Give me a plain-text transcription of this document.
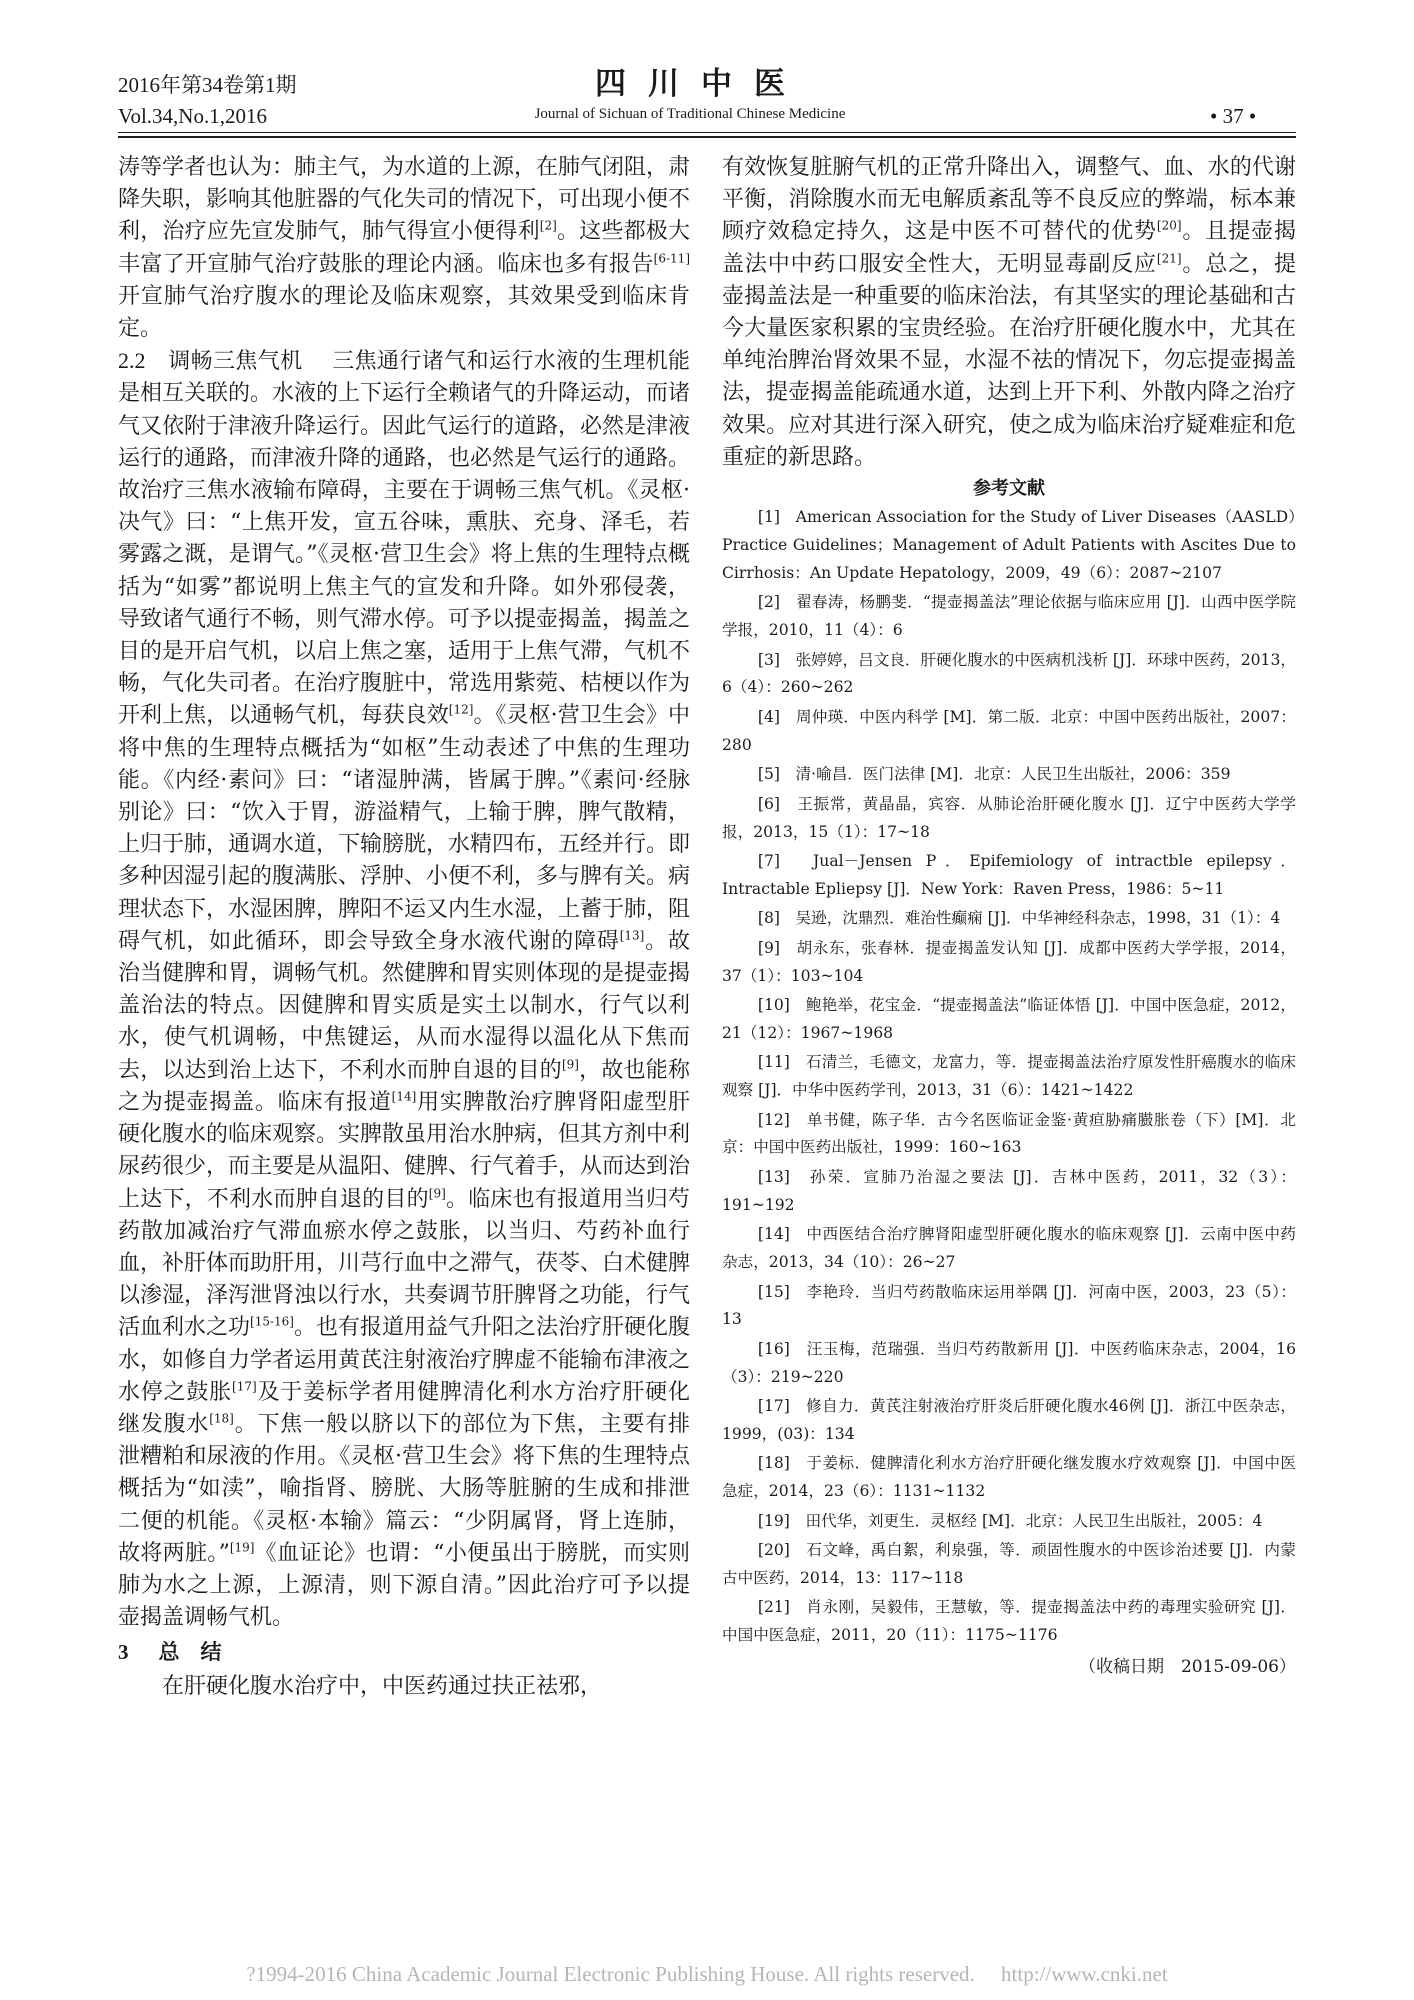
2016年第34卷第1期
Vol.34,No.1,2016
四川中医
Journal of Sichuan of Traditional Chinese Medicine	• 37 •

涛等学者也认为：肺主气，为水道的上源，在肺气闭阻，肃降失职，影响其他脏器的气化失司的情况下，可出现小便不利，治疗应先宣发肺气，肺气得宣小便得利[2]。这些都极大丰富了开宣肺气治疗鼓胀的理论内涵。临床也多有报告[6-11]开宣肺气治疗腹水的理论及临床观察，其效果受到临床肯定。

2.2　 调畅三焦气机　 三焦通行诸气和运行水液的生理机能是相互关联的。水液的上下运行全赖诸气的升降运动，而诸气又依附于津液升降运行。因此气运行的道路，必然是津液运行的通路，而津液升降的通路，也必然是气运行的通路。故治疗三焦水液输布障碍，主要在于调畅三焦气机。《灵枢·决气》曰：“上焦开发，宣五谷味，熏肤、充身、泽毛，若雾露之溉，是谓气。”《灵枢·营卫生会》将上焦的生理特点概括为“如雾”都说明上焦主气的宣发和升降。如外邪侵袭，导致诸气通行不畅，则气滞水停。可予以提壶揭盖，揭盖之目的是开启气机，以启上焦之塞，适用于上焦气滞，气机不畅，气化失司者。在治疗腹脏中，常选用紫菀、桔梗以作为开利上焦，以通畅气机，每获良效[12]。《灵枢·营卫生会》中将中焦的生理特点概括为“如枢”生动表述了中焦的生理功能。《内经·素问》曰：“诸湿肿满，皆属于脾。”《素问·经脉别论》曰：“饮入于胃，游溢精气，上输于脾，脾气散精，上归于肺，通调水道，下输膀胱，水精四布，五经并行。即多种因湿引起的腹满胀、浮肿、小便不利，多与脾有关。病理状态下，水湿困脾，脾阳不运又内生水湿，上蓄于肺，阻碍气机，如此循环，即会导致全身水液代谢的障碍[13]。故治当健脾和胃，调畅气机。然健脾和胃实则体现的是提壶揭盖治法的特点。因健脾和胃实质是实土以制水，行气以利水，使气机调畅，中焦键运，从而水湿得以温化从下焦而去，以达到治上达下，不利水而肿自退的目的[9]，故也能称之为提壶揭盖。临床有报道[14]用实脾散治疗脾肾阳虚型肝硬化腹水的临床观察。实脾散虽用治水肿病，但其方剂中利尿药很少，而主要是从温阳、健脾、行气着手，从而达到治上达下，不利水而肿自退的目的[9]。临床也有报道用当归芍药散加减治疗气滞血瘀水停之鼓胀，以当归、芍药补血行血，补肝体而助肝用，川芎行血中之滞气，茯苓、白术健脾以渗湿，泽泻泄肾浊以行水，共奏调节肝脾肾之功能，行气活血利水之功[15-16]。也有报道用益气升阳之法治疗肝硬化腹水，如修自力学者运用黄芪注射液治疗脾虚不能输布津液之水停之鼓胀[17]及于姜标学者用健脾清化利水方治疗肝硬化继发腹水[18]。下焦一般以脐以下的部位为下焦，主要有排泄糟粕和尿液的作用。《灵枢·营卫生会》将下焦的生理特点概括为“如渎”，喻指肾、膀胱、大肠等脏腑的生成和排泄二便的机能。《灵枢·本输》篇云：“少阴属肾，肾上连肺，故将两脏。”[19]《血证论》也谓：“小便虽出于膀胱，而实则肺为水之上源，上源清，则下源自清。”因此治疗可予以提壶揭盖调畅气机。

3 总　结

在肝硬化腹水治疗中，中医药通过扶正祛邪，

有效恢复脏腑气机的正常升降出入，调整气、血、水的代谢平衡，消除腹水而无电解质紊乱等不良反应的弊端，标本兼顾疗效稳定持久，这是中医不可替代的优势[20]。且提壶揭盖法中中药口服安全性大，无明显毒副反应[21]。总之，提壶揭盖法是一种重要的临床治法，有其坚实的理论基础和古今大量医家积累的宝贵经验。在治疗肝硬化腹水中，尤其在单纯治脾治肾效果不显，水湿不祛的情况下，勿忘提壶揭盖法，提壶揭盖能疏通水道，达到上开下利、外散内降之治疗效果。应对其进行深入研究，使之成为临床治疗疑难症和危重症的新思路。

参考文献

[1]　American Association for the Study of Liver Diseases（AASLD）Practice Guidelines；Management of Adult Patients with Ascites Due to Cirrhosis：An Update Hepatology，2009，49（6）：2087~2107
[2]　翟春涛，杨鹏斐．“提壶揭盖法”理论依据与临床应用 [J]．山西中医学院学报，2010，11（4）：6
[3]　张婷婷，吕文良．肝硬化腹水的中医病机浅析 [J]．环球中医药，2013，6（4）：260~262
[4]　周仲瑛．中医内科学 [M]．第二版．北京：中国中医药出版社，2007：280
[5]　清·喻昌．医门法律 [M]．北京：人民卫生出版社，2006：359
[6]　王振常，黄晶晶，宾容．从肺论治肝硬化腹水 [J]．辽宁中医药大学学报，2013，15（1）：17~18
[7]　Jual－Jensen P．Epifemiology of intractble epilepsy．Intractable Epliepsy [J]．New York：Raven Press，1986：5~11
[8]　吴逊，沈鼎烈．难治性癫痫 [J]．中华神经科杂志，1998，31（1）：4
[9]　胡永东，张春林．提壶揭盖发认知 [J]．成都中医药大学学报，2014，37（1）：103~104
[10]　鲍艳举，花宝金．“提壶揭盖法”临证体悟 [J]．中国中医急症，2012，21（12）：1967~1968
[11]　石清兰，毛德文，龙富力，等．提壶揭盖法治疗原发性肝癌腹水的临床观察 [J]．中华中医药学刊，2013，31（6）：1421~1422
[12]　单书健，陈子华．古今名医临证金鉴·黄疸胁痛臌胀卷（下）[M]．北京：中国中医药出版社，1999：160~163
[13]　孙荣．宣肺乃治湿之要法 [J]．吉林中医药，2011，32（3）：191~192
[14]　中西医结合治疗脾肾阳虚型肝硬化腹水的临床观察 [J]．云南中医中药杂志，2013，34（10）：26~27
[15]　李艳玲．当归芍药散临床运用举隅 [J]．河南中医，2003，23（5）：13
[16]　汪玉梅，范瑞强．当归芍药散新用 [J]．中医药临床杂志，2004，16（3）：219~220
[17]　修自力．黄芪注射液治疗肝炎后肝硬化腹水46例 [J]．浙江中医杂志，1999，(03)：134
[18]　于姜标．健脾清化利水方治疗肝硬化继发腹水疗效观察 [J]．中国中医急症，2014，23（6）：1131~1132
[19]　田代华，刘更生．灵枢经 [M]．北京：人民卫生出版社，2005：4
[20]　石文峰，禹白絮，利泉强，等．顽固性腹水的中医诊治述要 [J]．内蒙古中医药，2014，13：117~118
[21]　肖永刚，吴毅伟，王慧敏，等．提壶揭盖法中药的毒理实验研究 [J]．中国中医急症，2011，20（11）：1175~1176
（收稿日期　2015-09-06）
?1994-2016 China Academic Journal Electronic Publishing House. All rights reserved.　 http://www.cnki.net
